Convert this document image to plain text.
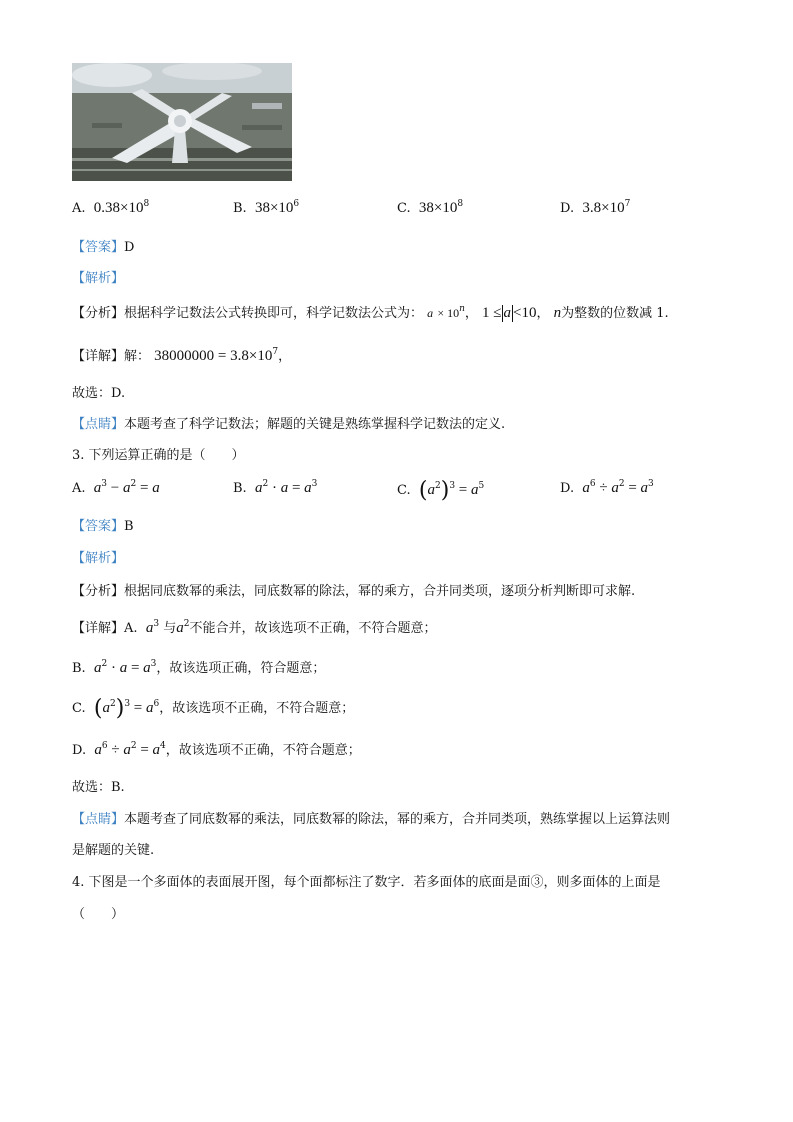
A. $0.38\times 10^8$	B. $38\times 10^6$	C. $38\times 10^8$	D. $3.8\times 10^7$
【答案】D
【解析】
【分析】根据科学记数法公式转换即可，科学记数法公式为： $a \times 10^n$， 1 ≤ a <10， n为整数的位数减 1.
【详解】解： $38000000 = 3.8\times 10^7$，
故选：D.
【点睛】本题考查了科学记数法；解题的关键是熟练掌握科学记数法的定义.
3. 下列运算正确的是（　　）
A. $a^3 - a^2 = a$	B. $a^2 \cdot a = a^3$	C. $(a^2)^3 = a^5$	D. $a^6 \div a^2 = a^3$
【答案】B
【解析】
【分析】根据同底数幂的乘法，同底数幂的除法，幂的乘方，合并同类项，逐项分析判断即可求解.
【详解】A. $a^3$ 与$a^2$不能合并，故该选项不正确，不符合题意；
B. $a^2 \cdot a = a^3$，故该选项正确，符合题意；
C. $(a^2)^3 = a^6$，故该选项不正确，不符合题意；
D. $a^6 \div a^2 = a^4$，故该选项不正确，不符合题意；
故选：B.
【点睛】本题考查了同底数幂的乘法，同底数幂的除法，幂的乘方，合并同类项，熟练掌握以上运算法则
是解题的关键.
4. 下图是一个多面体的表面展开图，每个面都标注了数字．若多面体的底面是面③，则多面体的上面是
（　　）
